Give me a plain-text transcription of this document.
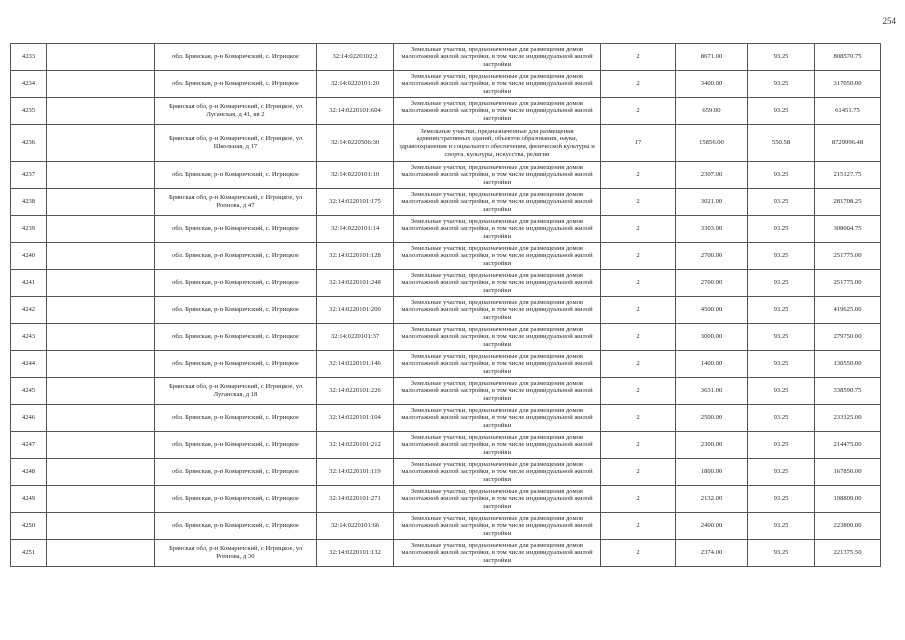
254
4233		обл. Брянская, р-н Комаричский, с. Игрицкое	32:14:0220102:2	Земельные участки, предназначенные для размещения домов малоэтажной жилой застройки, в том числе индивидуальной жилой застройки	2	8671.00	93.25	808570.75
4234		обл. Брянская, р-н Комаричский, с. Игрицкое	32:14:0220101:20	Земельные участки, предназначенные для размещения домов малоэтажной жилой застройки, в том числе индивидуальной жилой застройки	2	3400.00	93.25	317050.00
4235		Брянская обл, р-н Комаричский, с Игрицкое, ул Луганская, д 41, кв 2	32:14:0220101:604	Земельные участки, предназначенные для размещения домов малоэтажной жилой застройки, в том числе индивидуальной жилой застройки	2	659.00	93.25	61451.75
4236		Брянская обл, р-н Комаричский, с Игрицкое, ул Школьная, д 17	32:14:0220506:30	Земельные участки, предназначенные для размещения административных зданий, объектов образования, науки, здравоохранения и социального обеспечения, физической культуры и спорта, культуры, искусства, религии	17	15856.00	550.58	8729996.48
4237		обл. Брянская, р-н Комаричский, с. Игрицкое	32:14:0220101:10	Земельные участки, предназначенные для размещения домов малоэтажной жилой застройки, в том числе индивидуальной жилой застройки	2	2307.00	93.25	215127.75
4238		Брянская обл, р-н Комаричский, с Игрицкое, ул Ропнова, д 47	32:14:0220101:175	Земельные участки, предназначенные для размещения домов малоэтажной жилой застройки, в том числе индивидуальной жилой застройки	2	3021.00	93.25	281708.25
4239		обл. Брянская, р-н Комаричский, с. Игрицкое	32:14:0220101:14	Земельные участки, предназначенные для размещения домов малоэтажной жилой застройки, в том числе индивидуальной жилой застройки	2	3303.00	93.25	308004.75
4240		обл. Брянская, р-н Комаричский, с. Игрицкое	32:14:0220101:128	Земельные участки, предназначенные для размещения домов малоэтажной жилой застройки, в том числе индивидуальной жилой застройки	2	2700.00	93.25	251775.00
4241		обл. Брянская, р-н Комаричский, с. Игрицкое	32:14:0220101:248	Земельные участки, предназначенные для размещения домов малоэтажной жилой застройки, в том числе индивидуальной жилой застройки	2	2700.00	93.25	251775.00
4242		обл. Брянская, р-н Комаричский, с. Игрицкое	32:14:0220101:200	Земельные участки, предназначенные для размещения домов малоэтажной жилой застройки, в том числе индивидуальной жилой застройки	2	4500.00	93.25	419625.00
4243		обл. Брянская, р-н Комаричский, с. Игрицкое	32:14:0220101:37	Земельные участки, предназначенные для размещения домов малоэтажной жилой застройки, в том числе индивидуальной жилой застройки	2	3000.00	93.25	279750.00
4244		обл. Брянская, р-н Комаричский, с. Игрицкое	32:14:0220101:146	Земельные участки, предназначенные для размещения домов малоэтажной жилой застройки, в том числе индивидуальной жилой застройки	2	1400.00	93.25	130550.00
4245		Брянская обл, р-н Комаричский, с Игрицкое, ул Луганская, д 18	32:14:0220101:226	Земельные участки, предназначенные для размещения домов малоэтажной жилой застройки, в том числе индивидуальной жилой застройки	2	3631.00	93.25	338590.75
4246		обл. Брянская, р-н Комаричский, с. Игрицкое	32:14:0220101:104	Земельные участки, предназначенные для размещения домов малоэтажной жилой застройки, в том числе индивидуальной жилой застройки	2	2500.00	93.25	233125.00
4247		обл. Брянская, р-н Комаричский, с. Игрицкое	32:14:0220101:212	Земельные участки, предназначенные для размещения домов малоэтажной жилой застройки, в том числе индивидуальной жилой застройки	2	2300.00	93.25	214475.00
4248		обл. Брянская, р-н Комаричский, с. Игрицкое	32:14:0220101:119	Земельные участки, предназначенные для размещения домов малоэтажной жилой застройки, в том числе индивидуальной жилой застройки	2	1800.00	93.25	167850.00
4249		обл. Брянская, р-н Комаричский, с. Игрицкое	32:14:0220101:271	Земельные участки, предназначенные для размещения домов малоэтажной жилой застройки, в том числе индивидуальной жилой застройки	2	2132.00	93.25	198809.00
4250		обл. Брянская, р-н Комаричский, с. Игрицкое	32:14:0220101:66	Земельные участки, предназначенные для размещения домов малоэтажной жилой застройки, в том числе индивидуальной жилой застройки	2	2400.00	93.25	223800.00
4251		Брянская обл, р-н Комаричский, с Игрицкое, ул Ропнова, д 30	32:14:0220101:132	Земельные участки, предназначенные для размещения домов малоэтажной жилой застройки, в том числе индивидуальной жилой застройки	2	2374.00	93.25	221375.50
